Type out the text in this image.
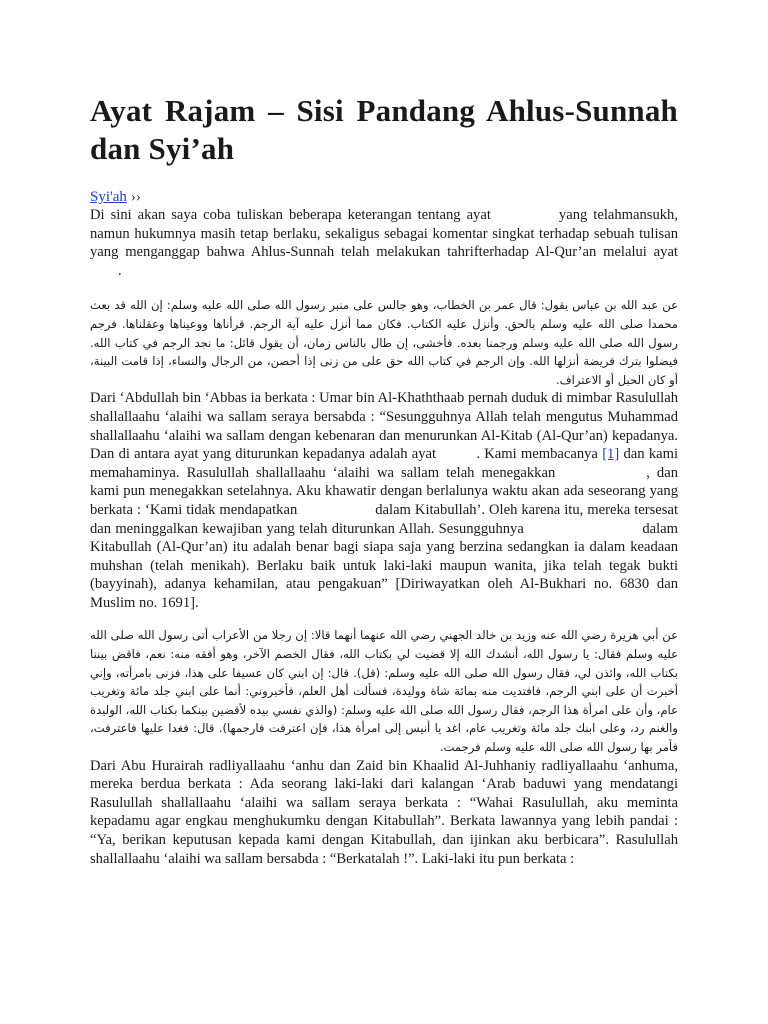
Ayat Rajam – Sisi Pandang Ahlus-Sunnah dan Syi’ah
Syi'ah ››

Di sini akan saya coba tuliskan beberapa keterangan tentang ayat	yang telahmansukh, namun hukumnya masih tetap berlaku, sekaligus sebagai komentar singkat terhadap sebuah tulisan yang menganggap bahwa Ahlus-Sunnah telah melakukan tahrifterhadap Al-Qur’an melalui ayat .

عن عبد الله بن عباس يقول: قال عمر بن الخطاب، وهو جالس على منبر رسول الله صلى الله عليه وسلم: إن الله قد بعث محمدا صلى الله عليه وسلم بالحق. وأنزل عليه الكتاب. فكان مما أنزل عليه آية الرجم. قرأناها ووعيناها وعقلناها. فرجم رسول الله صلى الله عليه وسلم ورجمنا بعده. فأخشى، إن طال بالناس زمان، أن يقول قائل: ما نجد الرجم في كتاب الله. فيضلوا بترك فريضة أنزلها الله. وإن الرجم في كتاب الله حق على من زنى إذا أحصن، من الرجال والنساء، إذا قامت البينة، أو كان الحبل أو الاعتراف.

Dari ‘Abdullah bin ‘Abbas ia berkata : Umar bin Al-Khaththaab pernah duduk di mimbar Rasulullah shallallaahu ‘alaihi wa sallam seraya bersabda : “Sesungguhnya Allah telah mengutus Muhammad shallallaahu ‘alaihi wa sallam dengan kebenaran dan menurunkan Al-Kitab (Al-Qur’an) kepadanya. Dan di antara ayat yang diturunkan kepadanya adalah ayat	. Kami membacanya [1] dan kami memahaminya. Rasulullah shallallaahu ‘alaihi wa sallam telah menegakkan	, dan kami pun menegakkan setelahnya. Aku khawatir dengan berlalunya waktu akan ada seseorang yang berkata : ‘Kami tidak mendapatkan	dalam Kitabullah’. Oleh karena itu, mereka tersesat dan meninggalkan kewajiban yang telah diturunkan Allah. Sesungguhnya	dalam Kitabullah (Al-Qur’an) itu adalah benar bagi siapa saja yang berzina sedangkan ia dalam keadaan muhshan (telah menikah). Berlaku baik untuk laki-laki maupun wanita, jika telah tegak bukti (bayyinah), adanya kehamilan, atau pengakuan” [Diriwayatkan oleh Al-Bukhari no. 6830 dan Muslim no. 1691].

عن أبي هريرة رضي الله عنه وزيد بن خالد الجهني رضي الله عنهما أنهما قالا: إن رجلا من الأعراب أتى رسول الله صلى الله عليه وسلم فقال: يا رسول الله، أنشدك الله إلا قضيت لي بكتاب الله، فقال الخصم الآخر، وهو أفقه منه: نعم، فاقض بيننا بكتاب الله، وائذن لي، فقال رسول الله صلى الله عليه وسلم: (قل). قال: إن ابني كان عسيفا على هذا، فزنى بامرأته، وإني أخبرت أن على ابني الرجم، فافتديت منه بمائة شاة ووليدة، فسألت أهل العلم، فأخبروني: أنما على ابني جلد مائة وتغريب عام، وأن على امرأة هذا الرجم، فقال رسول الله صلى الله عليه وسلم: (والذي نفسي بيده لأقضين بينكما بكتاب الله، الوليدة والغنم رد، وعلى ابنك جلد مائة وتغريب عام، اغد يا أنيس إلى امرأة هذا، فإن اعترفت فارجمها). قال: فغدا عليها فاعترفت، فأمر بها رسول الله صلى الله عليه وسلم فرجمت.

Dari Abu Hurairah radliyallaahu ‘anhu dan Zaid bin Khaalid Al-Juhhaniy radliyallaahu ‘anhuma, mereka berdua berkata : Ada seorang laki-laki dari kalangan ‘Arab baduwi yang mendatangi Rasulullah shallallaahu ‘alaihi wa sallam seraya berkata : “Wahai Rasulullah, aku meminta kepadamu agar engkau menghukumku dengan Kitabullah”. Berkata lawannya yang lebih pandai : “Ya, berikan keputusan kepada kami dengan Kitabullah, dan ijinkan aku berbicara”. Rasulullah shallallaahu ‘alaihi wa sallam bersabda : “Berkatalah !”. Laki-laki itu pun berkata :
